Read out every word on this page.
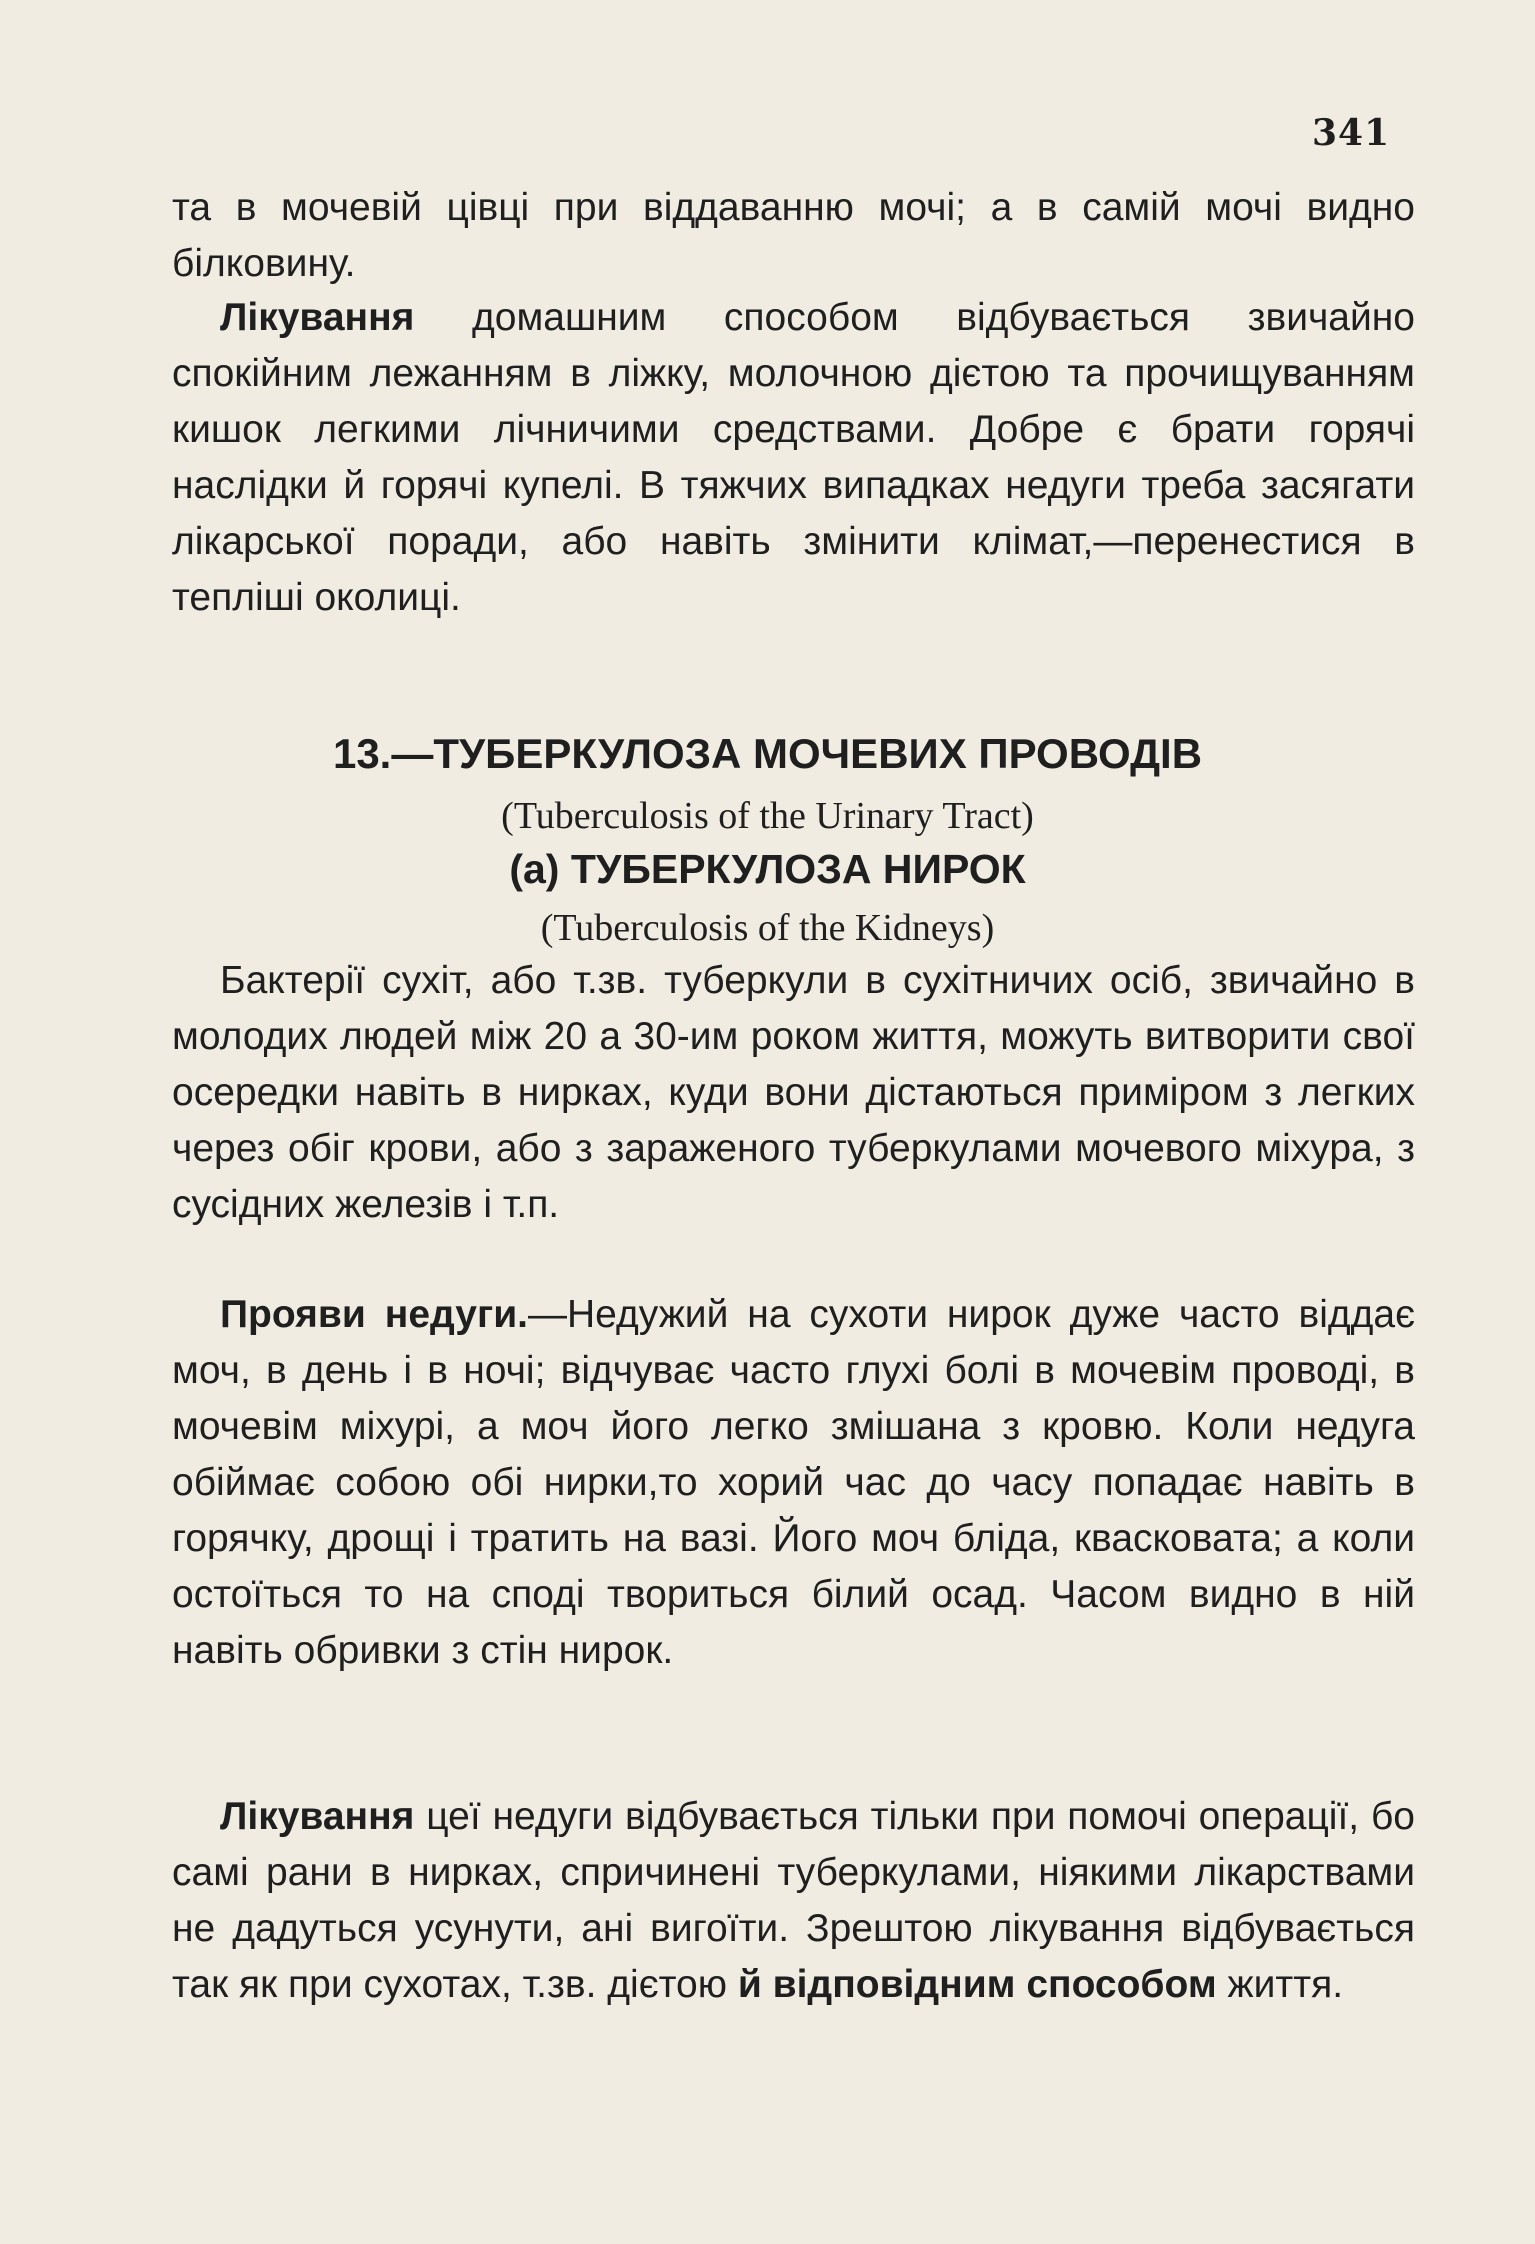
341

та в мочевій цівці при віддаванню мочі; а в самій мочі видно білковину.

Лікування домашним способом відбувається звичайно спокійним лежанням в ліжку, молочною дієтою та прочищуванням кишок легкими лічничими средствами. Добре є брати горячі наслідки й горячі купелі. В тяжчих випадках недуги треба засягати лікарської поради, або навіть змінити клімат,—перенестися в тепліші околиці.

13.—ТУБЕРКУЛОЗА МОЧЕВИХ ПРОВОДІВ
(Tuberculosis of the Urinary Tract)
(а) ТУБЕРКУЛОЗА НИРОК
(Tuberculosis of the Kidneys)

Бактерії сухіт, або т.зв. туберкули в сухітничих осіб, звичайно в молодих людей між 20 а 30-им роком життя, можуть витворити свої осередки навіть в нирках, куди вони дістаються приміром з легких через обіг крови, або з зараженого туберкулами мочевого міхура, з сусідних железів і т.п.

Прояви недуги.—Недужий на сухоти нирок дуже часто віддає моч, в день і в ночі; відчуває часто глухі болі в мочевім проводі, в мочевім міхурі, а моч його легко змішана з кровю. Коли недуга обіймає собою обі нирки,то хорий час до часу попадає навіть в горячку, дрощі і тратить на вазі. Його моч бліда, квасковата; а коли остоїться то на споді твориться білий осад. Часом видно в ній навіть обривки з стін нирок.

Лікування цеї недуги відбувається тільки при помочі операції, бо самі рани в нирках, спричинені туберкулами, ніякими лікарствами не дадуться усунути, ані вигоїти. Зрештою лікування відбувається так як при сухотах, т.зв. дієтою й відповідним способом життя.
